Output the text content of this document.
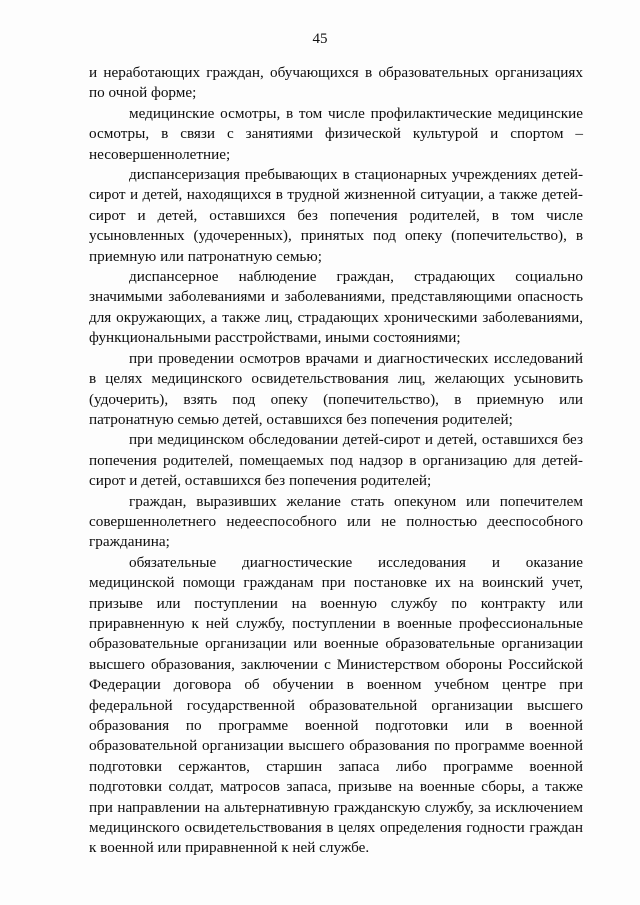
45

и неработающих граждан, обучающихся в образовательных организациях по очной форме;

медицинские осмотры, в том числе профилактические медицинские осмотры, в связи с занятиями физической культурой и спортом – несовершеннолетние;

диспансеризация пребывающих в стационарных учреждениях детей-сирот и детей, находящихся в трудной жизненной ситуации, а также детей-сирот и детей, оставшихся без попечения родителей, в том числе усыновленных (удочеренных), принятых под опеку (попечительство), в приемную или патронатную семью;

диспансерное наблюдение граждан, страдающих социально значимыми заболеваниями и заболеваниями, представляющими опасность для окружающих, а также лиц, страдающих хроническими заболеваниями, функциональными расстройствами, иными состояниями;

при проведении осмотров врачами и диагностических исследований в целях медицинского освидетельствования лиц, желающих усыновить (удочерить), взять под опеку (попечительство), в приемную или патронатную семью детей, оставшихся без попечения родителей;

при медицинском обследовании детей-сирот и детей, оставшихся без попечения родителей, помещаемых под надзор в организацию для детей-сирот и детей, оставшихся без попечения родителей;

граждан, выразивших желание стать опекуном или попечителем совершеннолетнего недееспособного или не полностью дееспособного гражданина;

обязательные диагностические исследования и оказание медицинской помощи гражданам при постановке их на воинский учет, призыве или поступлении на военную службу по контракту или приравненную к ней службу, поступлении в военные профессиональные образовательные организации или военные образовательные организации высшего образования, заключении с Министерством обороны Российской Федерации договора об обучении в военном учебном центре при федеральной государственной образовательной организации высшего образования по программе военной подготовки или в военной образовательной организации высшего образования по программе военной подготовки сержантов, старшин запаса либо программе военной подготовки солдат, матросов запаса, призыве на военные сборы, а также при направлении на альтернативную гражданскую службу, за исключением медицинского освидетельствования в целях определения годности граждан к военной или приравненной к ней службе.
